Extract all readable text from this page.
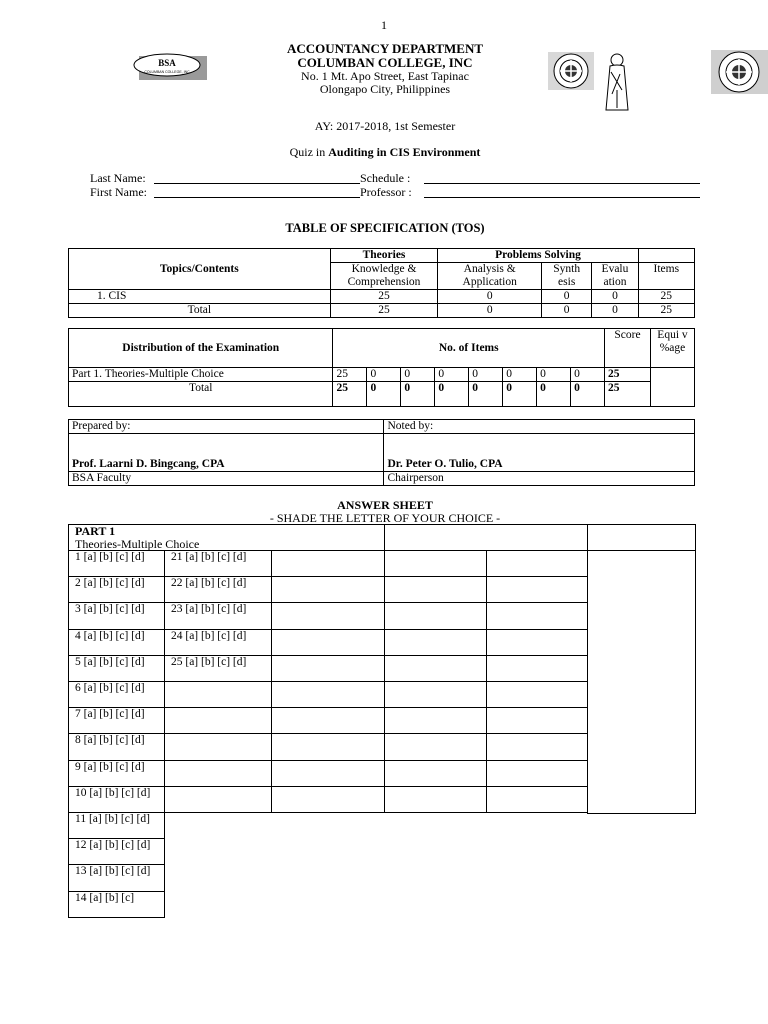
1
BSA
COLUMBAN COLLEGE, INC
ACCOUNTANCY DEPARTMENT
COLUMBAN COLLEGE, INC
No. 1 Mt. Apo Street, East Tapinac
Olongapo City, Philippines
AY: 2017-2018, 1st Semester
Quiz in Auditing in CIS Environment
Last Name:	Schedule :
First Name:	Professor :
TABLE OF SPECIFICATION (TOS)
Topics/Contents	Theories	Problems Solving			
	Knowledge & Comprehension	Analysis & Application	Synth esis	Evalu ation	Items
1. CIS	25	0	0	0	25
Total	25	0	0	0	25
Distribution of the Examination	No. of Items								Score	Equi v %age
Part 1. Theories-Multiple Choice	25	0	0	0	0	0	0	0	25	
Total	25	0	0	0	0	0	0	0	25	
Prepared by:	Noted by:
Prof. Laarni D. Bingcang, CPA	Dr. Peter O. Tulio, CPA
BSA Faculty	Chairperson
ANSWER SHEET
- SHADE THE LETTER OF YOUR CHOICE -
PART 1
Theories-Multiple Choice
1 [a] [b] [c] [d]	21 [a] [b] [c] [d]
2 [a] [b] [c] [d]	22 [a] [b] [c] [d]
3 [a] [b] [c] [d]	23 [a] [b] [c] [d]
4 [a] [b] [c] [d]	24 [a] [b] [c] [d]
5 [a] [b] [c] [d]	25 [a] [b] [c] [d]
6 [a] [b] [c] [d]
7 [a] [b] [c] [d]
8 [a] [b] [c] [d]
9 [a] [b] [c] [d]
10 [a] [b] [c] [d]
11 [a] [b] [c] [d]
12 [a] [b] [c] [d]
13 [a] [b] [c] [d]
14 [a] [b] [c]
